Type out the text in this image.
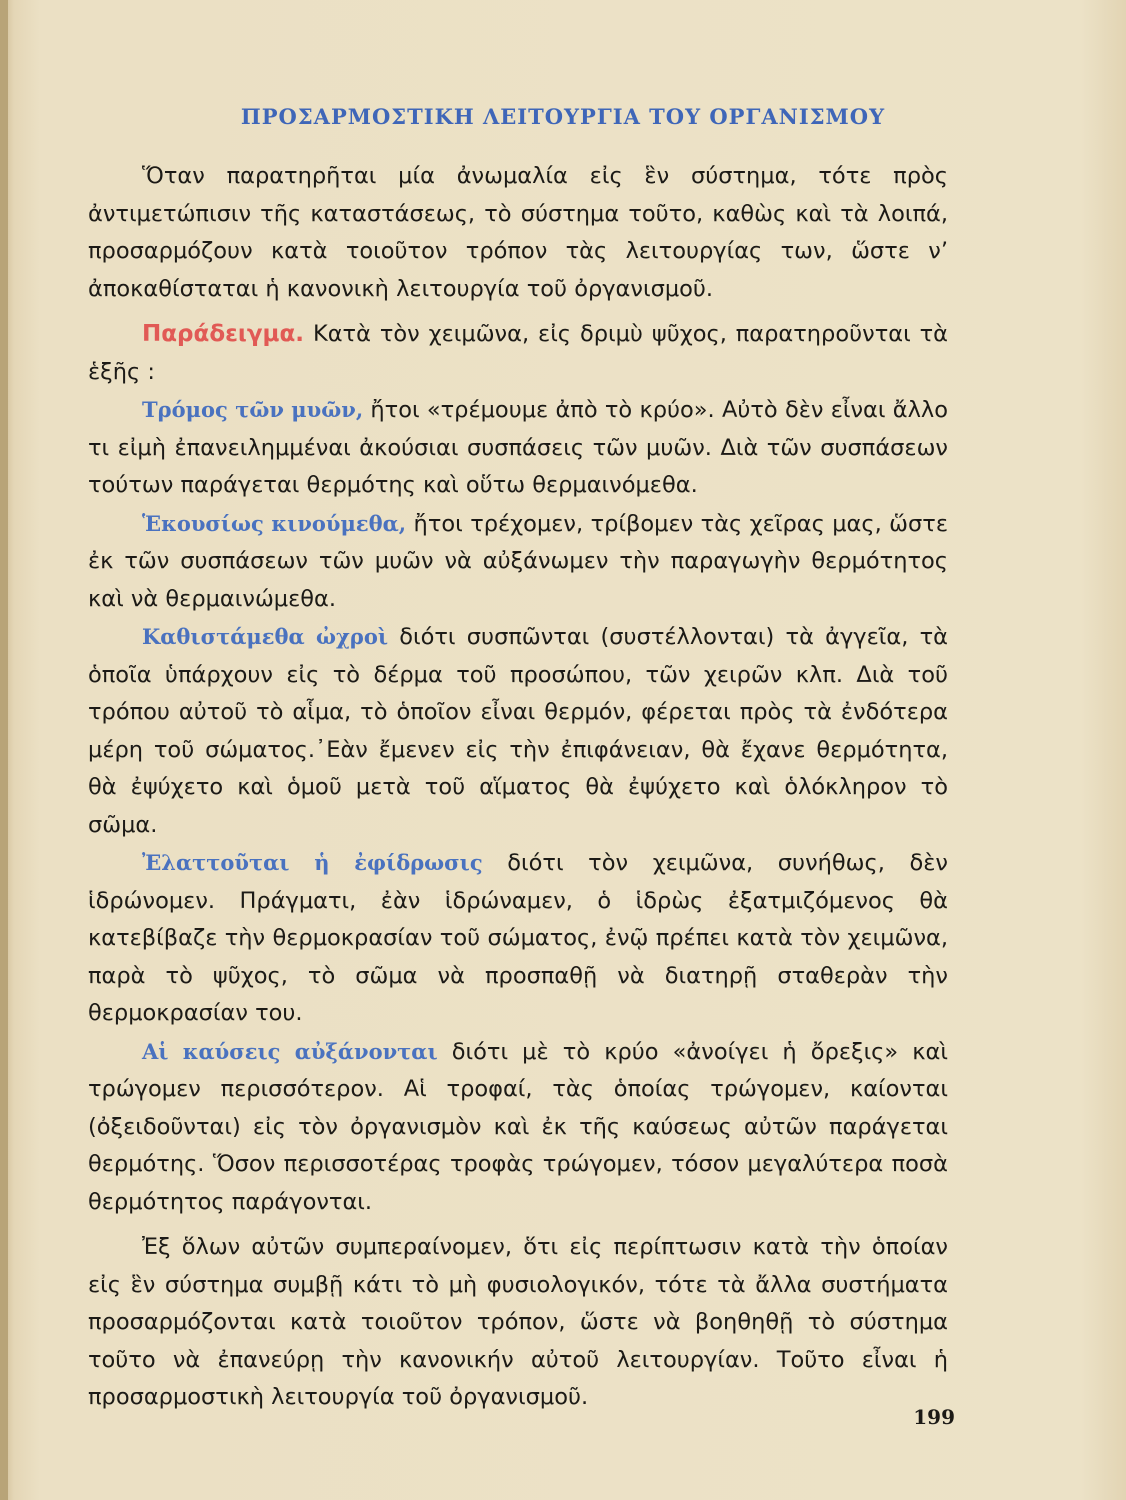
ΠΡΟΣΑΡΜΟΣΤΙΚΗ ΛΕΙΤΟΥΡΓΙΑ ΤΟΥ ΟΡΓΑΝΙΣΜΟΥ

Ὅταν παρατηρῆται μία ἀνωμαλία εἰς ἓν σύστημα, τότε πρὸς ἀντιμετώπισιν τῆς καταστάσεως, τὸ σύστημα τοῦτο, καθὼς καὶ τὰ λοιπά, προσαρμόζουν κατὰ τοιοῦτον τρόπον τὰς λειτουργίας των, ὥστε ν’ ἀποκαθίσταται ἡ κανονικὴ λειτουργία τοῦ ὀργανισμοῦ.

Παράδειγμα. Κατὰ τὸν χειμῶνα, εἰς δριμὺ ψῦχος, παρατηροῦνται τὰ ἑξῆς :

Τρόμος τῶν μυῶν, ἤτοι «τρέμουμε ἀπὸ τὸ κρύο». Αὐτὸ δὲν εἶναι ἄλλο τι εἰμὴ ἐπανειλημμέναι ἀκούσιαι συσπάσεις τῶν μυῶν. Διὰ τῶν συσπάσεων τούτων παράγεται θερμότης καὶ οὕτω θερμαινόμεθα.

Ἑκουσίως κινούμεθα, ἤτοι τρέχομεν, τρίβομεν τὰς χεῖρας μας, ὥστε ἐκ τῶν συσπάσεων τῶν μυῶν νὰ αὐξάνωμεν τὴν παραγωγὴν θερμότητος καὶ νὰ θερμαινώμεθα.

Καθιστάμεθα ὠχροὶ διότι συσπῶνται (συστέλλονται) τὰ ἀγγεῖα, τὰ ὁποῖα ὑπάρχουν εἰς τὸ δέρμα τοῦ προσώπου, τῶν χειρῶν κλπ. Διὰ τοῦ τρόπου αὐτοῦ τὸ αἷμα, τὸ ὁποῖον εἶναι θερμόν, φέρεται πρὸς τὰ ἐνδότερα μέρη τοῦ σώματος.᾿Εὰν ἔμενεν εἰς τὴν ἐπιφάνειαν, θὰ ἔχανε θερμότητα, θὰ ἐψύχετο καὶ ὁμοῦ μετὰ τοῦ αἵματος θὰ ἐψύχετο καὶ ὁλόκληρον τὸ σῶμα.

Ἐλαττοῦται ἡ ἐφίδρωσις διότι τὸν χειμῶνα, συνήθως, δὲν ἱδρώνομεν. Πράγματι, ἐὰν ἱδρώναμεν, ὁ ἱδρὼς ἐξατμιζόμενος θὰ κατεβίβαζε τὴν θερμοκρασίαν τοῦ σώματος, ἐνῷ πρέπει κατὰ τὸν χειμῶνα, παρὰ τὸ ψῦχος, τὸ σῶμα νὰ προσπαθῇ νὰ διατηρῇ σταθερὰν τὴν θερμοκρασίαν του.

Αἱ καύσεις αὐξάνονται διότι μὲ τὸ κρύο «ἀνοίγει ἡ ὄρεξις» καὶ τρώγομεν περισσότερον. Αἱ τροφαί, τὰς ὁποίας τρώγομεν, καίονται (ὀξειδοῦνται) εἰς τὸν ὀργανισμὸν καὶ ἐκ τῆς καύσεως αὐτῶν παράγεται θερμότης. Ὅσον περισσοτέρας τροφὰς τρώγομεν, τόσον μεγαλύτερα ποσὰ θερμότητος παράγονται.

Ἐξ ὅλων αὐτῶν συμπεραίνομεν, ὅτι εἰς περίπτωσιν κατὰ τὴν ὁποίαν εἰς ἓν σύστημα συμβῇ κάτι τὸ μὴ φυσιολογικόν, τότε τὰ ἄλλα συστήματα προσαρμόζονται κατὰ τοιοῦτον τρόπον, ὥστε νὰ βοηθηθῇ τὸ σύστημα τοῦτο νὰ ἐπανεύρῃ τὴν κανονικήν αὐτοῦ λειτουργίαν. Τοῦτο εἶναι ἡ προσαρμοστικὴ λειτουργία τοῦ ὀργανισμοῦ.

199
